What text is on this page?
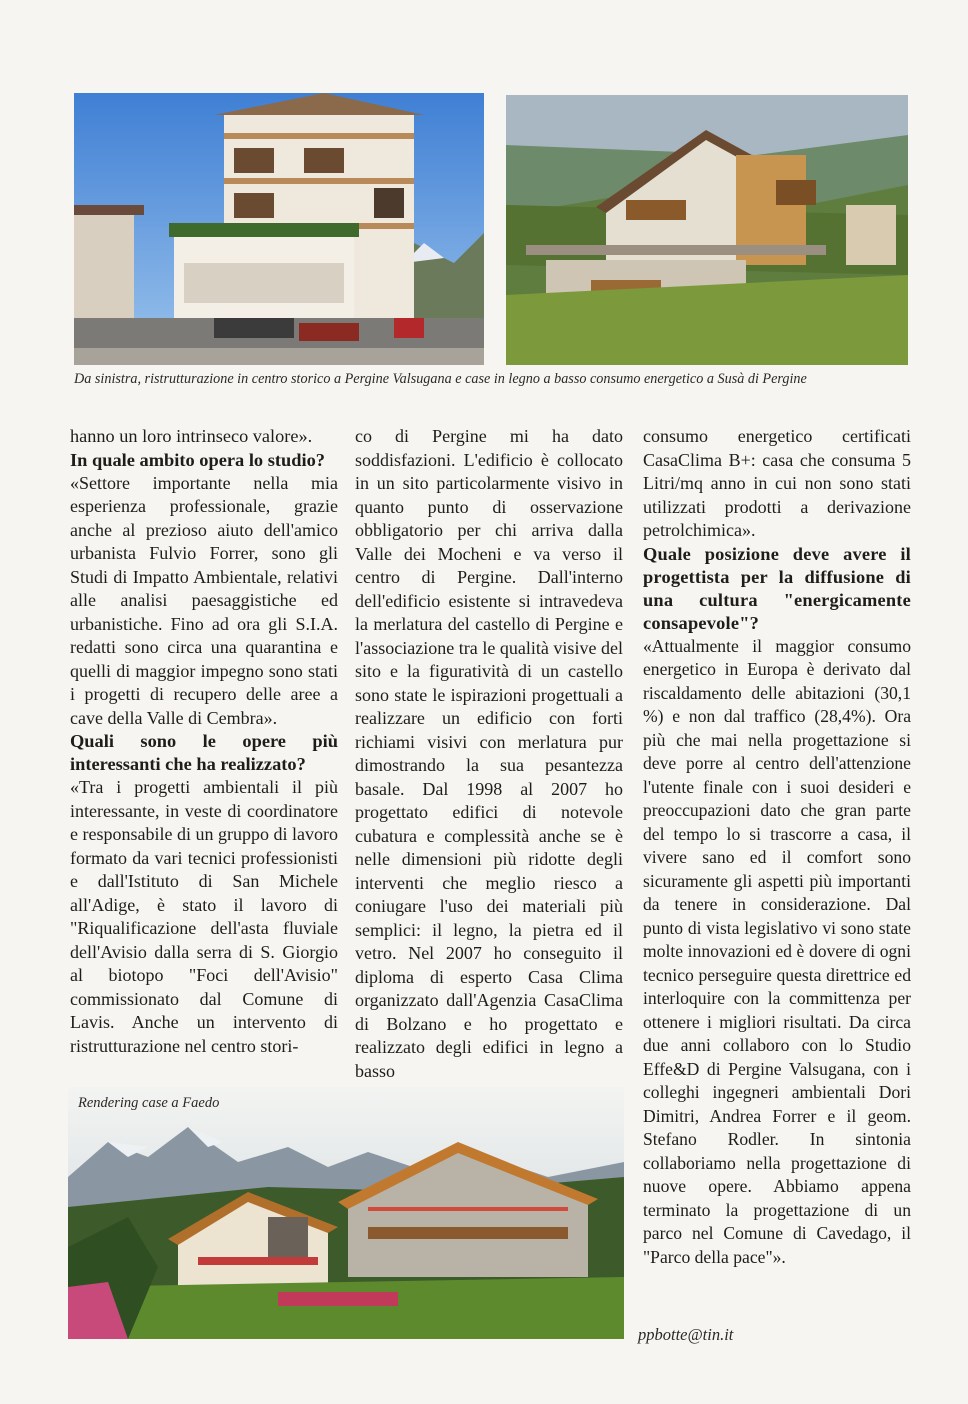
Da sinistra, ristrutturazione in centro storico a Pergine Valsugana e case in legno a basso consumo energetico a Susà di Pergine

hanno un loro intrinseco valore».

In quale ambito opera lo studio?

«Settore importante nella mia esperienza professionale, grazie anche al prezioso aiuto dell'amico urbanista Fulvio Forrer, sono gli Studi di Impatto Ambientale, relativi alle analisi paesaggistiche ed urbanistiche. Fino ad ora gli S.I.A. redatti sono circa una quarantina e quelli di maggior impegno sono stati i progetti di recupero delle aree a cave della Valle di Cembra».

Quali sono le opere più interessanti che ha realizzato?

«Tra i progetti ambientali il più interessante, in veste di coordinatore e responsabile di un gruppo di lavoro formato da vari tecnici professionisti e dall'Istituto di San Michele all'Adige, è stato il lavoro di "Riqualificazione dell'asta fluviale dell'Avisio dalla serra di S. Giorgio al biotopo "Foci dell'Avisio" commissionato dal Comune di Lavis. Anche un intervento di ristrutturazione nel centro stori-

co di Pergine mi ha dato soddisfazioni. L'edificio è collocato in un sito particolarmente visivo in quanto punto di osservazione obbligatorio per chi arriva dalla Valle dei Mocheni e va verso il centro di Pergine. Dall'interno dell'edificio esistente si intravedeva la merlatura del castello di Pergine e l'associazione tra le qualità visive del sito e la figuratività di un castello sono state le ispirazioni progettuali a realizzare un edificio con forti richiami visivi con merlatura pur dimostrando la sua pesantezza basale. Dal 1998 al 2007 ho progettato edifici di notevole cubatura e complessità anche se è nelle dimensioni più ridotte degli interventi che meglio riesco a coniugare l'uso dei materiali più semplici: il legno, la pietra ed il vetro. Nel 2007 ho conseguito il diploma di esperto Casa Clima organizzato dall'Agenzia CasaClima di Bolzano e ho progettato e realizzato degli edifici in legno a basso

consumo energetico certificati CasaClima B+: casa che consuma 5 Litri/mq anno in cui non sono stati utilizzati prodotti a derivazione petrolchimica».

Quale posizione deve avere il progettista per la diffusione di una cultura "energicamente consapevole"?

«Attualmente il maggior consumo energetico in Europa è derivato dal riscaldamento delle abitazioni (30,1 %) e non dal traffico (28,4%). Ora più che mai nella progettazione si deve porre al centro dell'attenzione l'utente finale con i suoi desideri e preoccupazioni dato che gran parte del tempo lo si trascorre a casa, il vivere sano ed il comfort sono sicuramente gli aspetti più importanti da tenere in considerazione. Dal punto di vista legislativo vi sono state molte innovazioni ed è dovere di ogni tecnico perseguire questa direttrice ed interloquire con la committenza per ottenere i migliori risultati. Da circa due anni collaboro con lo Studio Effe&D di Pergine Valsugana, con i colleghi ingegneri ambientali Dori Dimitri, Andrea Forrer e il geom. Stefano Rodler. In sintonia collaboriamo nella progettazione di nuove opere. Abbiamo appena terminato la progettazione di un parco nel Comune di Cavedago, il "Parco della pace"».

Rendering case a Faedo
ppbotte@tin.it
